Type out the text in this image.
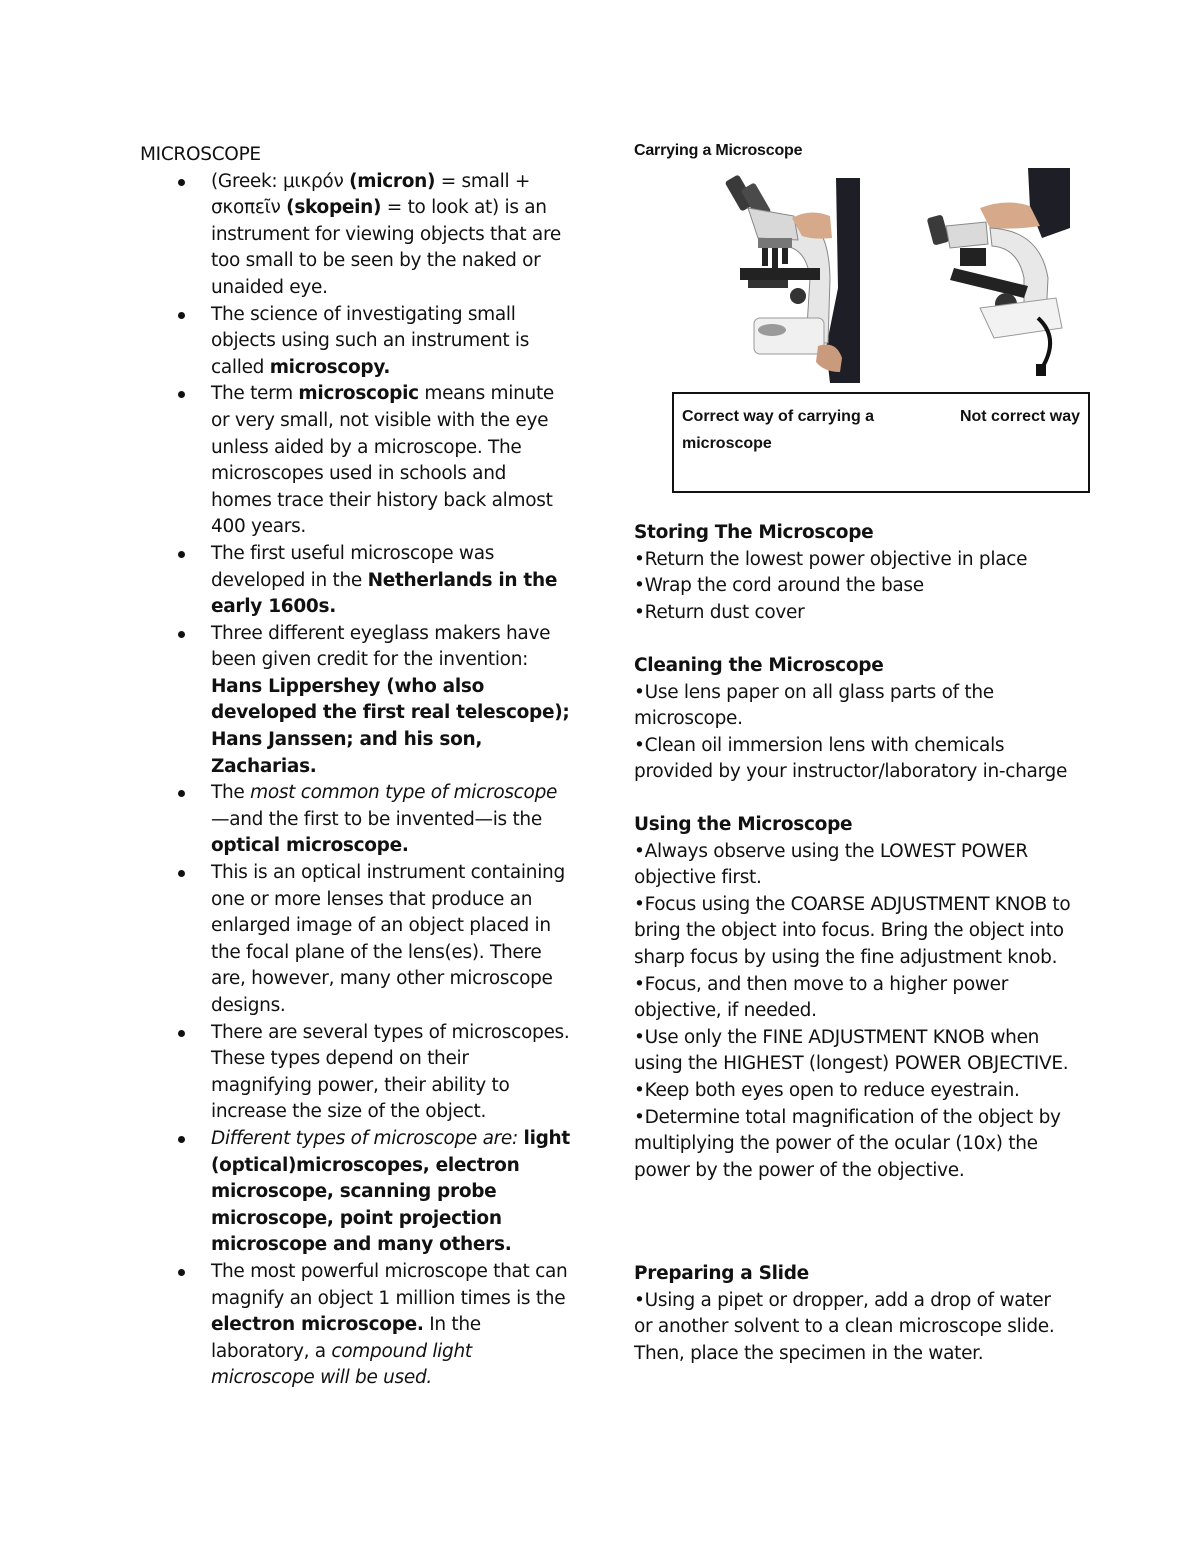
MICROSCOPE
(Greek: μικρόν (micron) = small + σκοπεῖν (skopein) = to look at) is an instrument for viewing objects that are too small to be seen by the naked or unaided eye.
The science of investigating small objects using such an instrument is called microscopy.
The term microscopic means minute or very small, not visible with the eye unless aided by a microscope. The microscopes used in schools and homes trace their history back almost 400 years.
The first useful microscope was developed in the Netherlands in the early 1600s.
Three different eyeglass makers have been given credit for the invention: Hans Lippershey (who also developed the first real telescope); Hans Janssen; and his son, Zacharias.
The most common type of microscope—and the first to be invented—is the optical microscope.
This is an optical instrument containing one or more lenses that produce an enlarged image of an object placed in the focal plane of the lens(es). There are, however, many other microscope designs.
There are several types of microscopes. These types depend on their magnifying power, their ability to increase the size of the object.
Different types of microscope are: light (optical)microscopes, electron microscope, scanning probe microscope, point projection microscope and many others.
The most powerful microscope that can magnify an object 1 million times is the electron microscope. In the laboratory, a compound light microscope will be used.
Carrying a Microscope
Correct way of carrying a microscope
Not correct way
Storing The Microscope

•Return the lowest power objective in place

•Wrap the cord around the base

•Return dust cover

Cleaning the Microscope

•Use lens paper on all glass parts of the microscope.

•Clean oil immersion lens with chemicals provided by your instructor/laboratory in-charge

Using the Microscope

•Always observe using the LOWEST POWER objective first.

•Focus using the COARSE ADJUSTMENT KNOB to bring the object into focus. Bring the object into sharp focus by using the fine adjustment knob.

•Focus, and then move to a higher power objective, if needed.

•Use only the FINE ADJUSTMENT KNOB when using the HIGHEST (longest) POWER OBJECTIVE.

•Keep both eyes open to reduce eyestrain.

•Determine total magnification of the object by multiplying the power of the ocular (10x) the power by the power of the objective.

Preparing a Slide

•Using a pipet or dropper, add a drop of water or another solvent to a clean microscope slide. Then, place the specimen in the water.
